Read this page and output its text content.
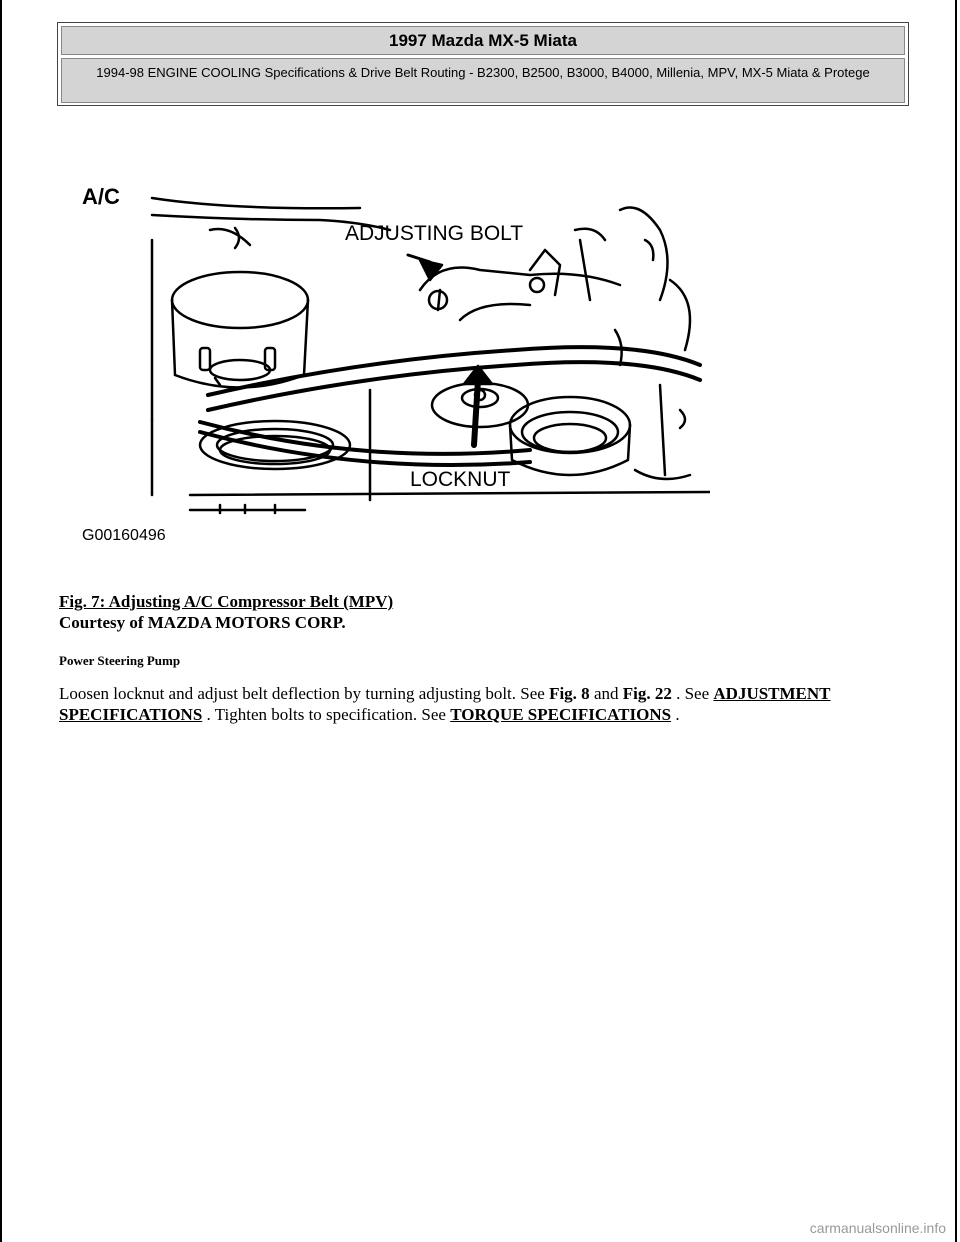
1997 Mazda MX-5 Miata
1994-98 ENGINE COOLING Specifications & Drive Belt Routing - B2300, B2500, B3000, B4000, Millenia, MPV, MX-5 Miata & Protege
A/C
ADJUSTING BOLT
LOCKNUT
G00160496
Fig. 7: Adjusting A/C Compressor Belt (MPV)
Courtesy of MAZDA MOTORS CORP.
Power Steering Pump
Loosen locknut and adjust belt deflection by turning adjusting bolt. See Fig. 8 and Fig. 22 . See ADJUSTMENT SPECIFICATIONS . Tighten bolts to specification. See TORQUE SPECIFICATIONS .
carmanualsonline.info
